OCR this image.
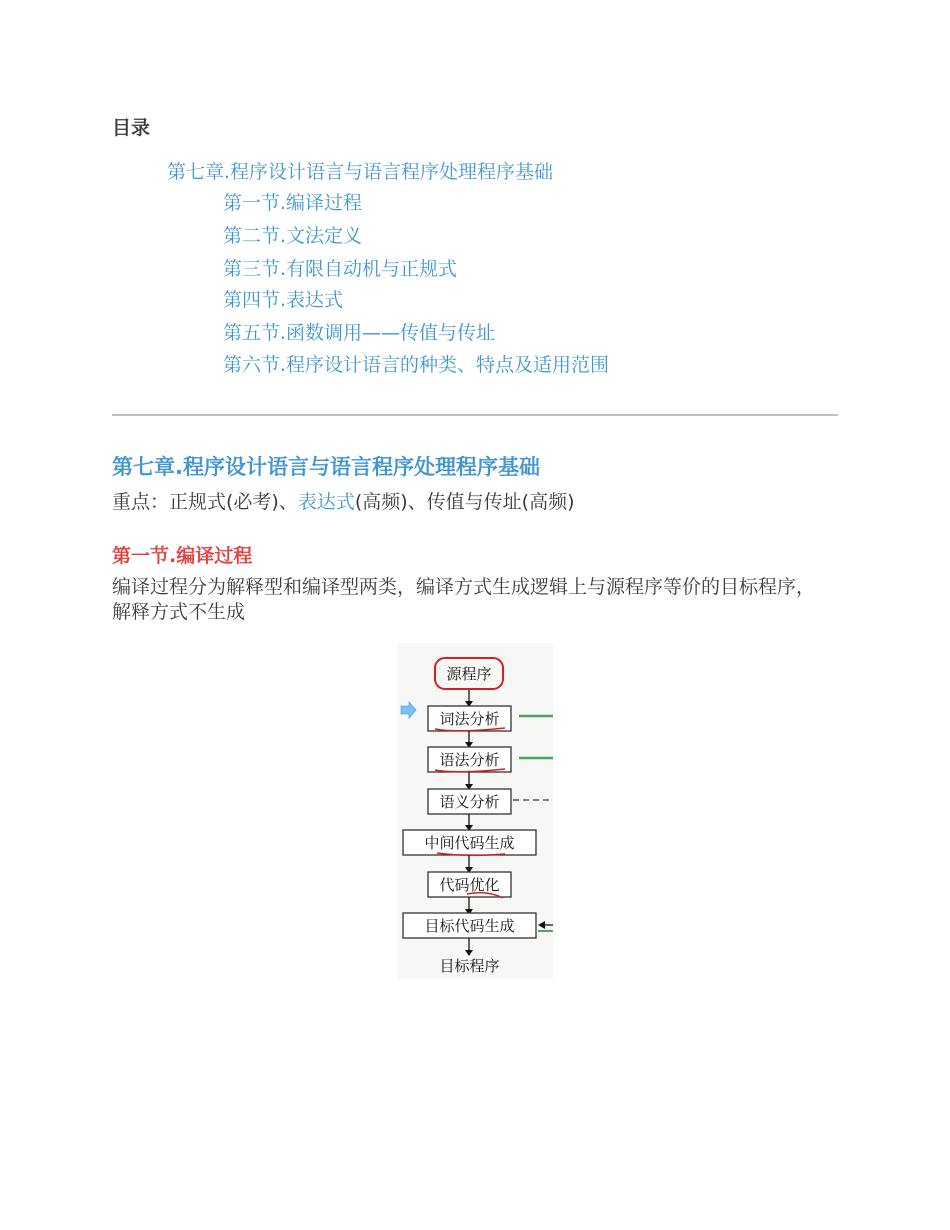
目录
第七章.程序设计语言与语言程序处理程序基础
第一节.编译过程
第二节.文法定义
第三节.有限自动机与正规式
第四节.表达式
第五节.函数调用——传值与传址
第六节.程序设计语言的种类、特点及适用范围
第七章.程序设计语言与语言程序处理程序基础
重点：正规式(必考)、表达式(高频)、传值与传址(高频)
第一节.编译过程
编译过程分为解释型和编译型两类，编译方式生成逻辑上与源程序等价的目标程序，解释方式不生成
源程序
词法分析
语法分析
语义分析
中间代码生成
代码优化
目标代码生成
目标程序
